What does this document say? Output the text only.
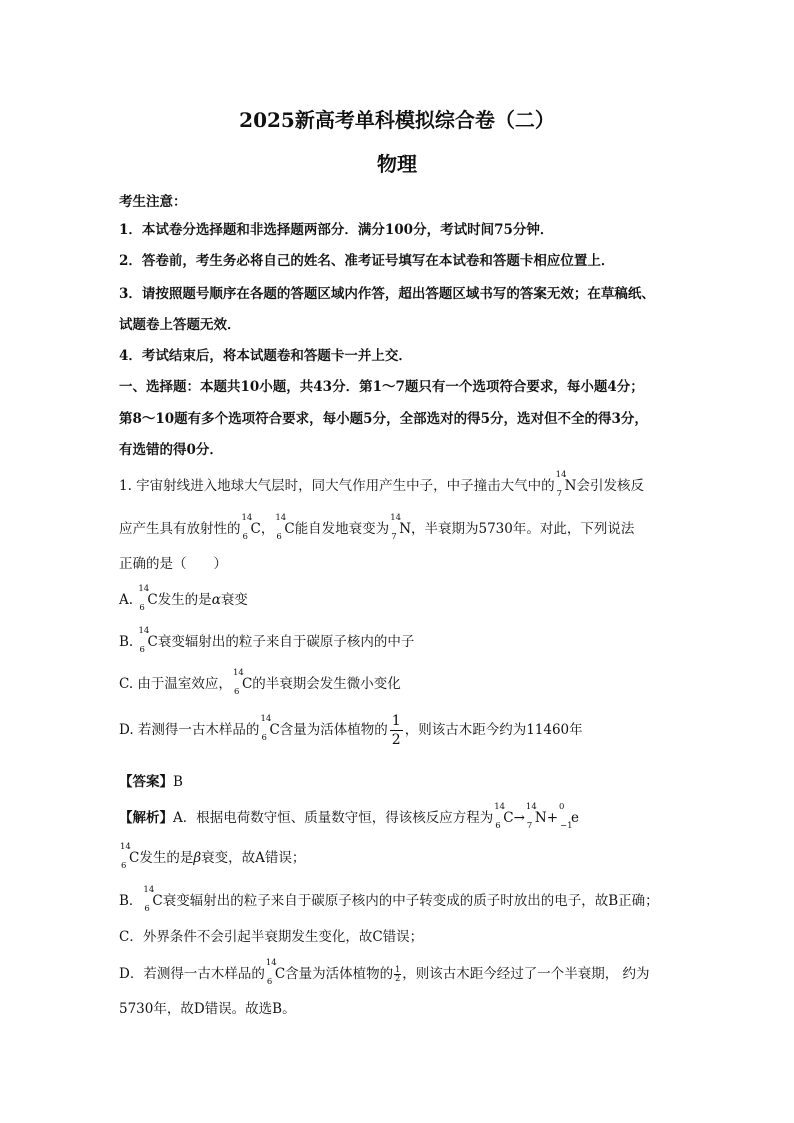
2025新高考单科模拟综合卷（二）
物理
考生注意：
1．本试卷分选择题和非选择题两部分．满分100分，考试时间75分钟．
2．答卷前，考生务必将自己的姓名、准考证号填写在本试卷和答题卡相应位置上．
3．请按照题号顺序在各题的答题区域内作答，超出答题区域书写的答案无效；在草稿纸、
试题卷上答题无效．
4．考试结束后，将本试题卷和答题卡一并上交．
一、选择题：本题共10小题，共43分．第1～7题只有一个选项符合要求，每小题4分；
第8～10题有多个选项符合要求，每小题5分，全部选对的得5分，选对但不全的得3分，
有选错的得0分．
1. 宇宙射线进入地球大气层时，同大气作用产生中子，中子撞击大气中的
14
7 N会引发核反
应产生具有放射性的
14
6 C，
14
6 C能自发地衰变为
14
7 N，半衰期为5730年。对此，下列说法
正确的是（　　）
A.
14
6 C发生的是α衰变
B.
14
6 C衰变辐射出的粒子来自于碳原子核内的中子
C. 由于温室效应，
14
6 C的半衰期会发生微小变化
D. 若测得一古木样品的
14
6 C含量为活体植物的 $\frac{1}{2}$ ，则该古木距今约为11460年
【答案】B
【解析】A．根据电荷数守恒、质量数守恒，得该核反应方程为
14
6 C→
14
7 N+
0
−1
e
14
6 C发生的是β衰变，故A错误；
B．
14
6 C衰变辐射出的粒子来自于碳原子核内的中子转变成的质子时放出的电子，故B正确；
C．外界条件不会引起半衰期发生变化，故C错误；
D．若测得一古木样品的
14
6 C含量为活体植物的 $\frac{1}{2}$ ，则该古木距今经过了一个半衰期， 约为
5730年，故D错误。故选B。
